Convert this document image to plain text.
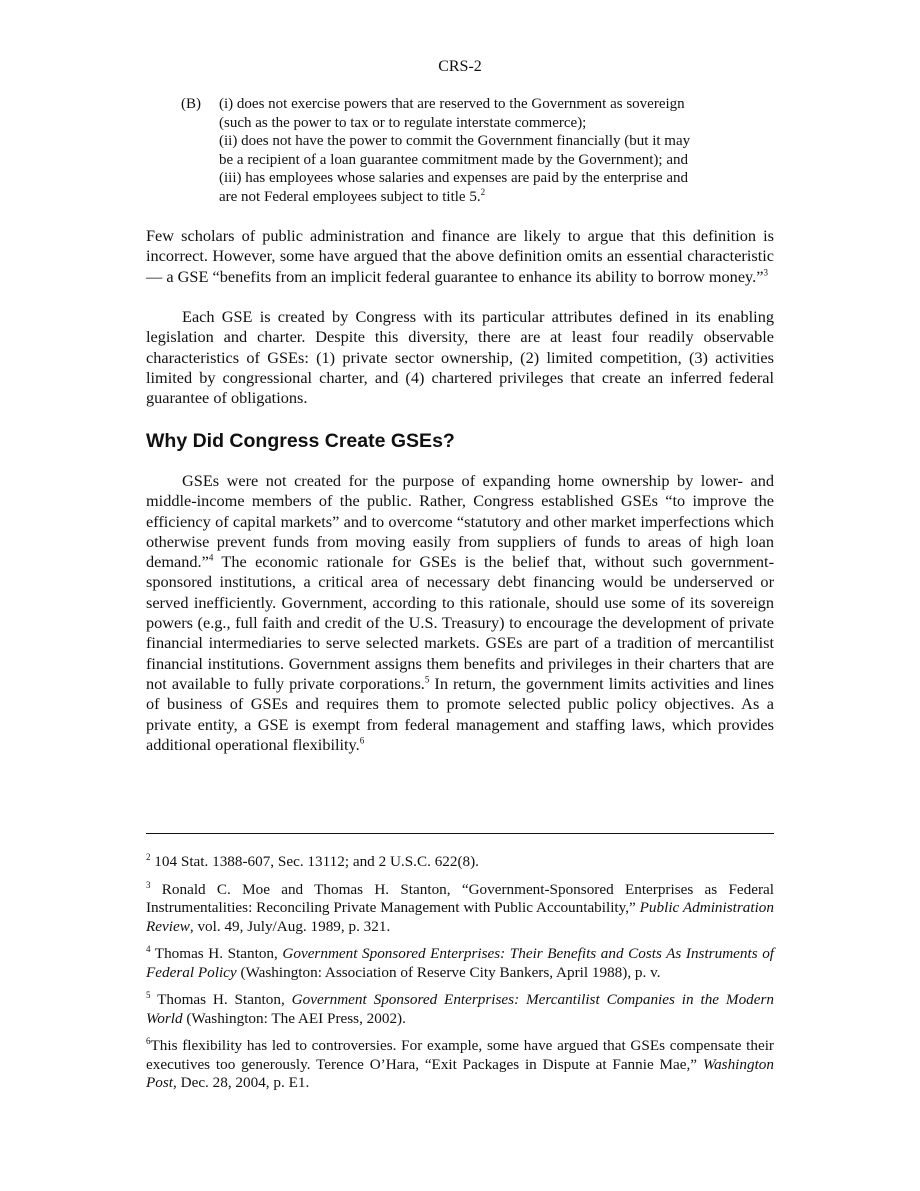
CRS-2
(B) (i) does not exercise powers that are reserved to the Government as sovereign
(such as the power to tax or to regulate interstate commerce);
(ii) does not have the power to commit the Government financially (but it may
be a recipient of a loan guarantee commitment made by the Government); and
(iii) has employees whose salaries and expenses are paid by the enterprise and
are not Federal employees subject to title 5.$^2$

Few scholars of public administration and finance are likely to argue that this definition is incorrect. However, some have argued that the above definition omits an essential characteristic — a GSE “benefits from an implicit federal guarantee to enhance its ability to borrow money.”$^3$

Each GSE is created by Congress with its particular attributes defined in its enabling legislation and charter. Despite this diversity, there are at least four readily observable characteristics of GSEs: (1) private sector ownership, (2) limited competition, (3) activities limited by congressional charter, and (4) chartered privileges that create an inferred federal guarantee of obligations.

Why Did Congress Create GSEs?

GSEs were not created for the purpose of expanding home ownership by lower- and middle-income members of the public. Rather, Congress established GSEs “to improve the efficiency of capital markets” and to overcome “statutory and other market imperfections which otherwise prevent funds from moving easily from suppliers of funds to areas of high loan demand.”$^4$ The economic rationale for GSEs is the belief that, without such government-sponsored institutions, a critical area of necessary debt financing would be underserved or served inefficiently. Government, according to this rationale, should use some of its sovereign powers (e.g., full faith and credit of the U.S. Treasury) to encourage the development of private financial intermediaries to serve selected markets. GSEs are part of a tradition of mercantilist financial institutions. Government assigns them benefits and privileges in their charters that are not available to fully private corporations.$^5$ In return, the government limits activities and lines of business of GSEs and requires them to promote selected public policy objectives. As a private entity, a GSE is exempt from federal management and staffing laws, which provides additional operational flexibility.$^6$

$^2$ 104 Stat. 1388-607, Sec. 13112; and 2 U.S.C. 622(8).

$^3$ Ronald C. Moe and Thomas H. Stanton, “Government-Sponsored Enterprises as Federal Instrumentalities: Reconciling Private Management with Public Accountability,” Public Administration Review, vol. 49, July/Aug. 1989, p. 321.

$^4$ Thomas H. Stanton, Government Sponsored Enterprises: Their Benefits and Costs As Instruments of Federal Policy (Washington: Association of Reserve City Bankers, April 1988), p. v.

$^5$ Thomas H. Stanton, Government Sponsored Enterprises: Mercantilist Companies in the Modern World (Washington: The AEI Press, 2002).

$^6$This flexibility has led to controversies. For example, some have argued that GSEs compensate their executives too generously. Terence O’Hara, “Exit Packages in Dispute at Fannie Mae,” Washington Post, Dec. 28, 2004, p. E1.
